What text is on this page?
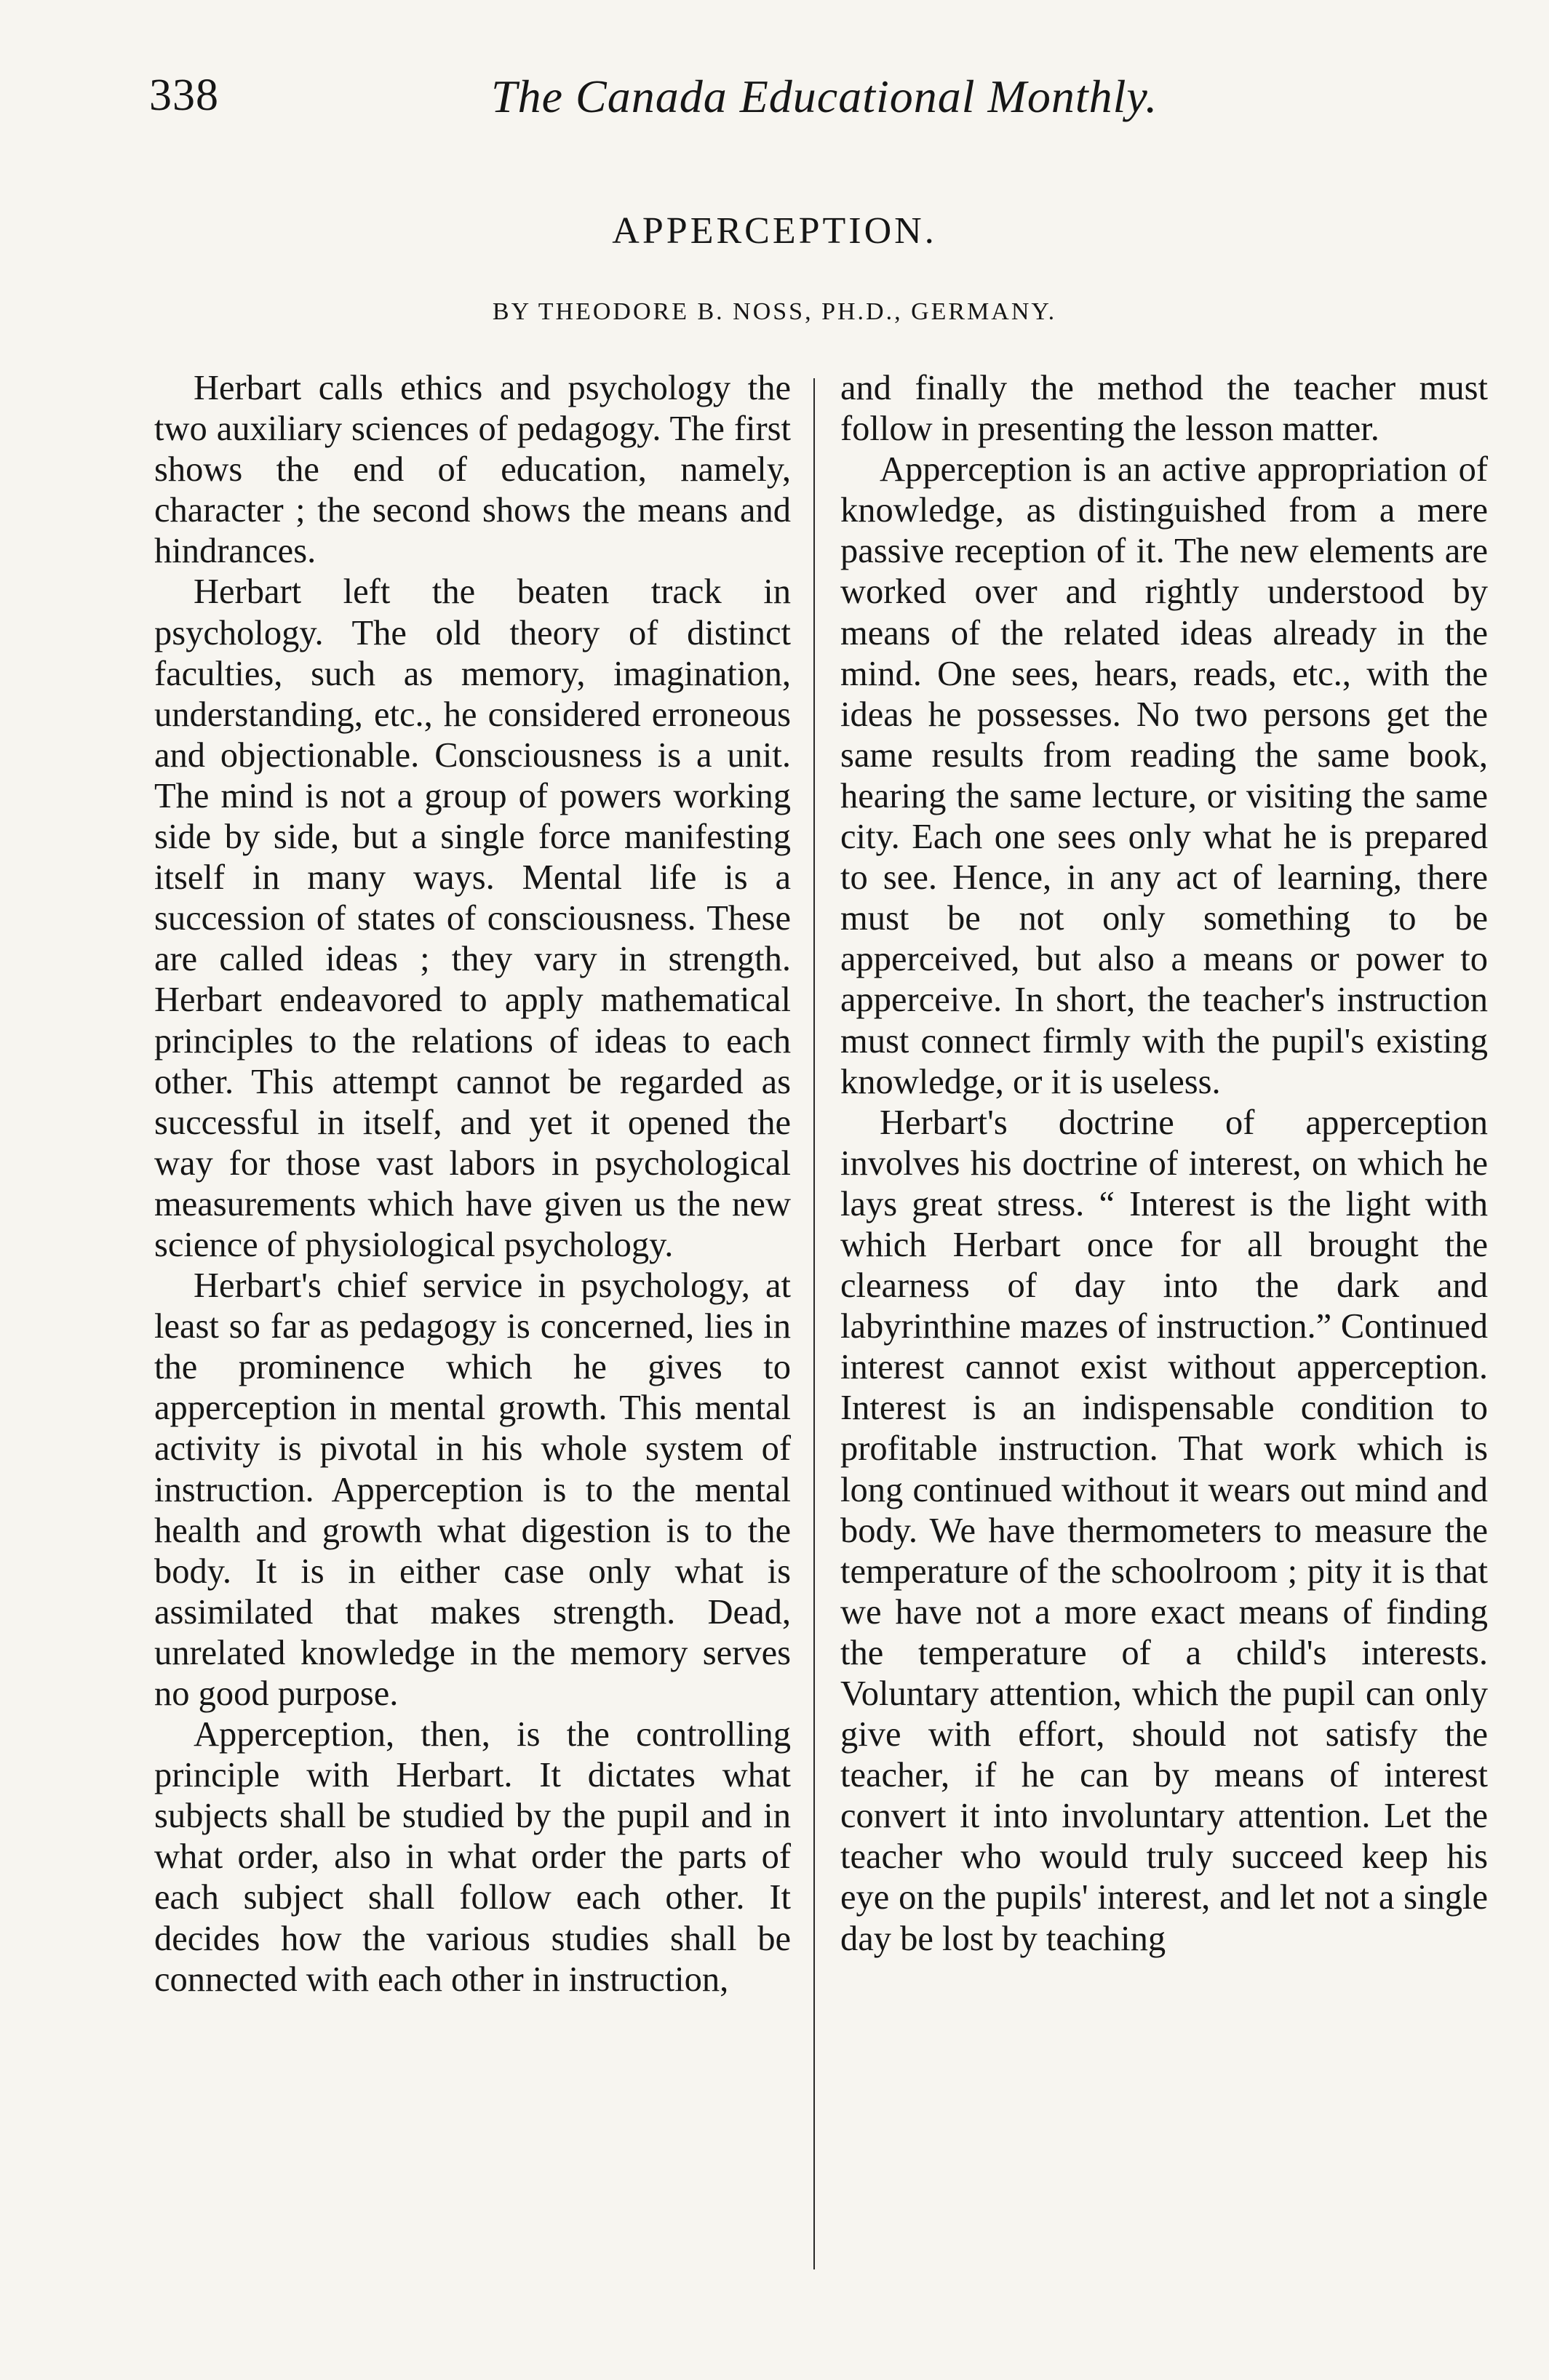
338	The Canada Educational Monthly.
APPERCEPTION.
BY THEODORE B. NOSS, PH.D., GERMANY.

Herbart calls ethics and psychology the two auxiliary sciences of pedagogy. The first shows the end of education, namely, character ; the second shows the means and hindrances.

Herbart left the beaten track in psychology. The old theory of distinct faculties, such as memory, imagination, understanding, etc., he considered erroneous and objectionable. Consciousness is a unit. The mind is not a group of powers working side by side, but a single force manifesting itself in many ways. Mental life is a succession of states of consciousness. These are called ideas ; they vary in strength. Herbart endeavored to apply mathematical principles to the relations of ideas to each other. This attempt cannot be regarded as successful in itself, and yet it opened the way for those vast labors in psychological measurements which have given us the new science of physiological psychology.

Herbart's chief service in psychology, at least so far as pedagogy is concerned, lies in the prominence which he gives to apperception in mental growth. This mental activity is pivotal in his whole system of instruction. Apperception is to the mental health and growth what digestion is to the body. It is in either case only what is assimilated that makes strength. Dead, unrelated knowledge in the memory serves no good purpose.

Apperception, then, is the controlling principle with Herbart. It dictates what subjects shall be studied by the pupil and in what order, also in what order the parts of each subject shall follow each other. It decides how the various studies shall be connected with each other in instruction,

and finally the method the teacher must follow in presenting the lesson matter.

Apperception is an active appropriation of knowledge, as distinguished from a mere passive reception of it. The new elements are worked over and rightly understood by means of the related ideas already in the mind. One sees, hears, reads, etc., with the ideas he possesses. No two persons get the same results from reading the same book, hearing the same lecture, or visiting the same city. Each one sees only what he is prepared to see. Hence, in any act of learning, there must be not only something to be apperceived, but also a means or power to apperceive. In short, the teacher's instruction must connect firmly with the pupil's existing knowledge, or it is useless.

Herbart's doctrine of apperception involves his doctrine of interest, on which he lays great stress. “ Interest is the light with which Herbart once for all brought the clearness of day into the dark and labyrinthine mazes of instruction.” Continued interest cannot exist without apperception. Interest is an indispensable condition to profitable instruction. That work which is long continued without it wears out mind and body. We have thermometers to measure the temperature of the schoolroom ; pity it is that we have not a more exact means of finding the temperature of a child's interests. Voluntary attention, which the pupil can only give with effort, should not satisfy the teacher, if he can by means of interest convert it into involuntary attention. Let the teacher who would truly succeed keep his eye on the pupils' interest, and let not a single day be lost by teaching
